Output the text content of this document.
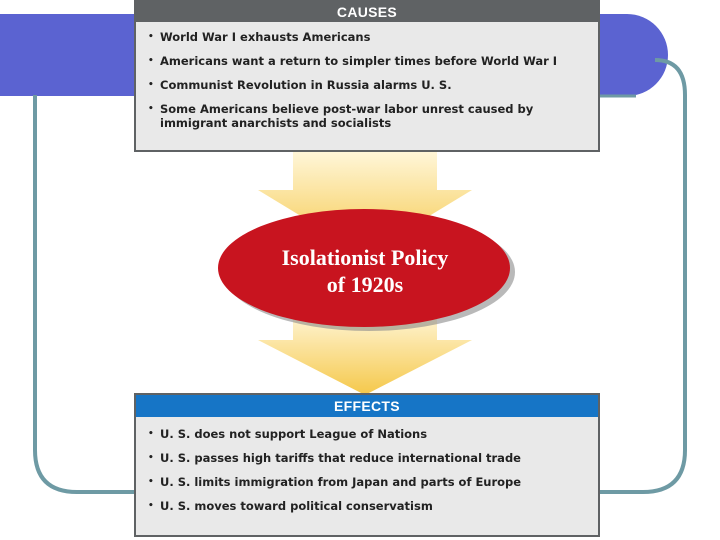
CAUSES
• World War I exhausts Americans
• Americans want a return to simpler times before World War I
• Communist Revolution in Russia alarms U. S.
• Some Americans believe post-war labor unrest caused by immigrant anarchists and socialists
Isolationist Policy
of 1920s
EFFECTS
• U. S. does not support League of Nations
• U. S. passes high tariffs that reduce international trade
• U. S. limits immigration from Japan and parts of Europe
• U. S. moves toward political conservatism
